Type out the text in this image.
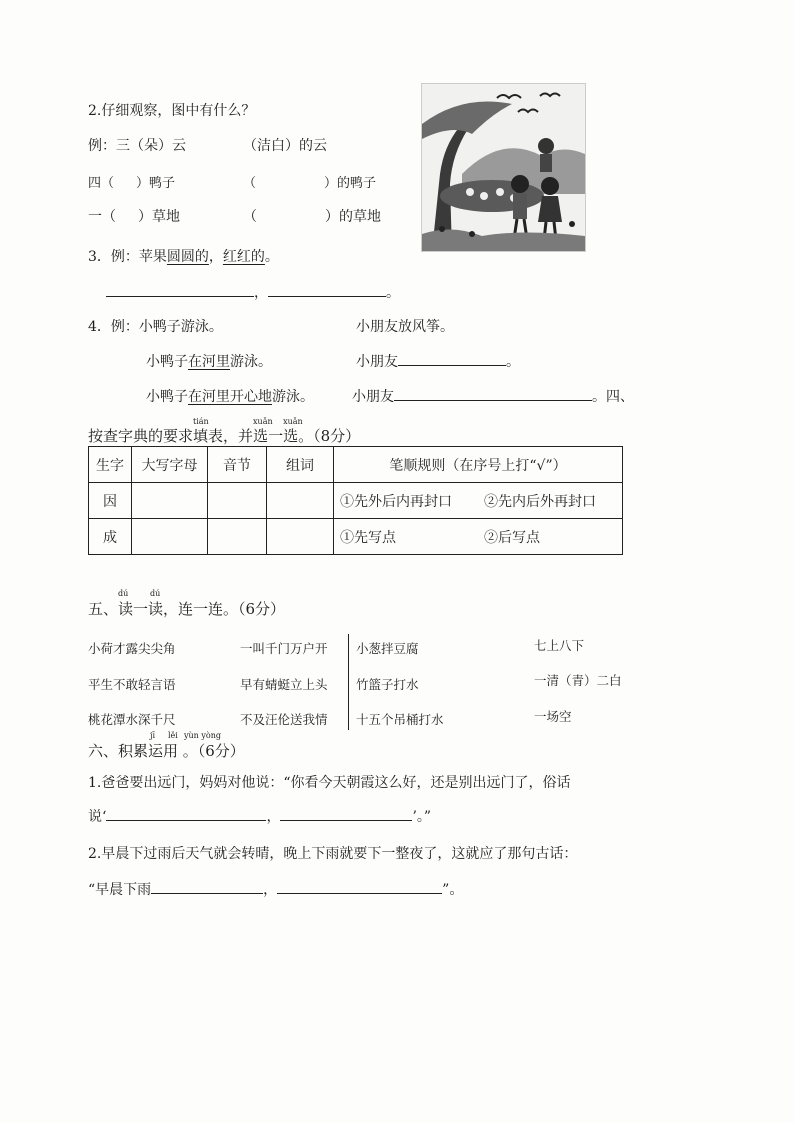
2.仔细观察，图中有什么？
例：三（朵）云	（洁白）的云
四（ ）鸭子	（	）的鸭子
一（ ）草地	（	）的草地
3．例：苹果圆圆的，红红的。
，	。
4．例：小鸭子游泳。	小朋友放风筝。
小鸭子在河里游泳。	小朋友	。
小鸭子在河里开心地游泳。	小朋友	。四、
按查字典的要求
tián
填表，并
xuǎn
选一
xuǎn
选。（8分）
生字	大写字母	音节	组词	笔顺规则（在序号上打“√”）	
因				①先外后内再封口	②先内后外再封口
成				①先写点	②后写点
dú	dú
五、读一读，连一连。（6分）
小荷才露尖尖角
平生不敢轻言语
桃花潭水深千尺
一叫千门万户开
早有蜻蜓立上头
不及汪伦送我情
小葱拌豆腐
竹篮子打水
十五个吊桶打水
七上八下
一清（青）二白
一场空
jī lěi yùn yòng
六、积累运用 。（6分）
1.爸爸要出远门，妈妈对他说：“你看今天朝霞这么好，还是别出远门了，俗话
说‘	，	’。”
2.早晨下过雨后天气就会转晴，晚上下雨就要下一整夜了，这就应了那句古话：
“早晨下雨	，	”。
